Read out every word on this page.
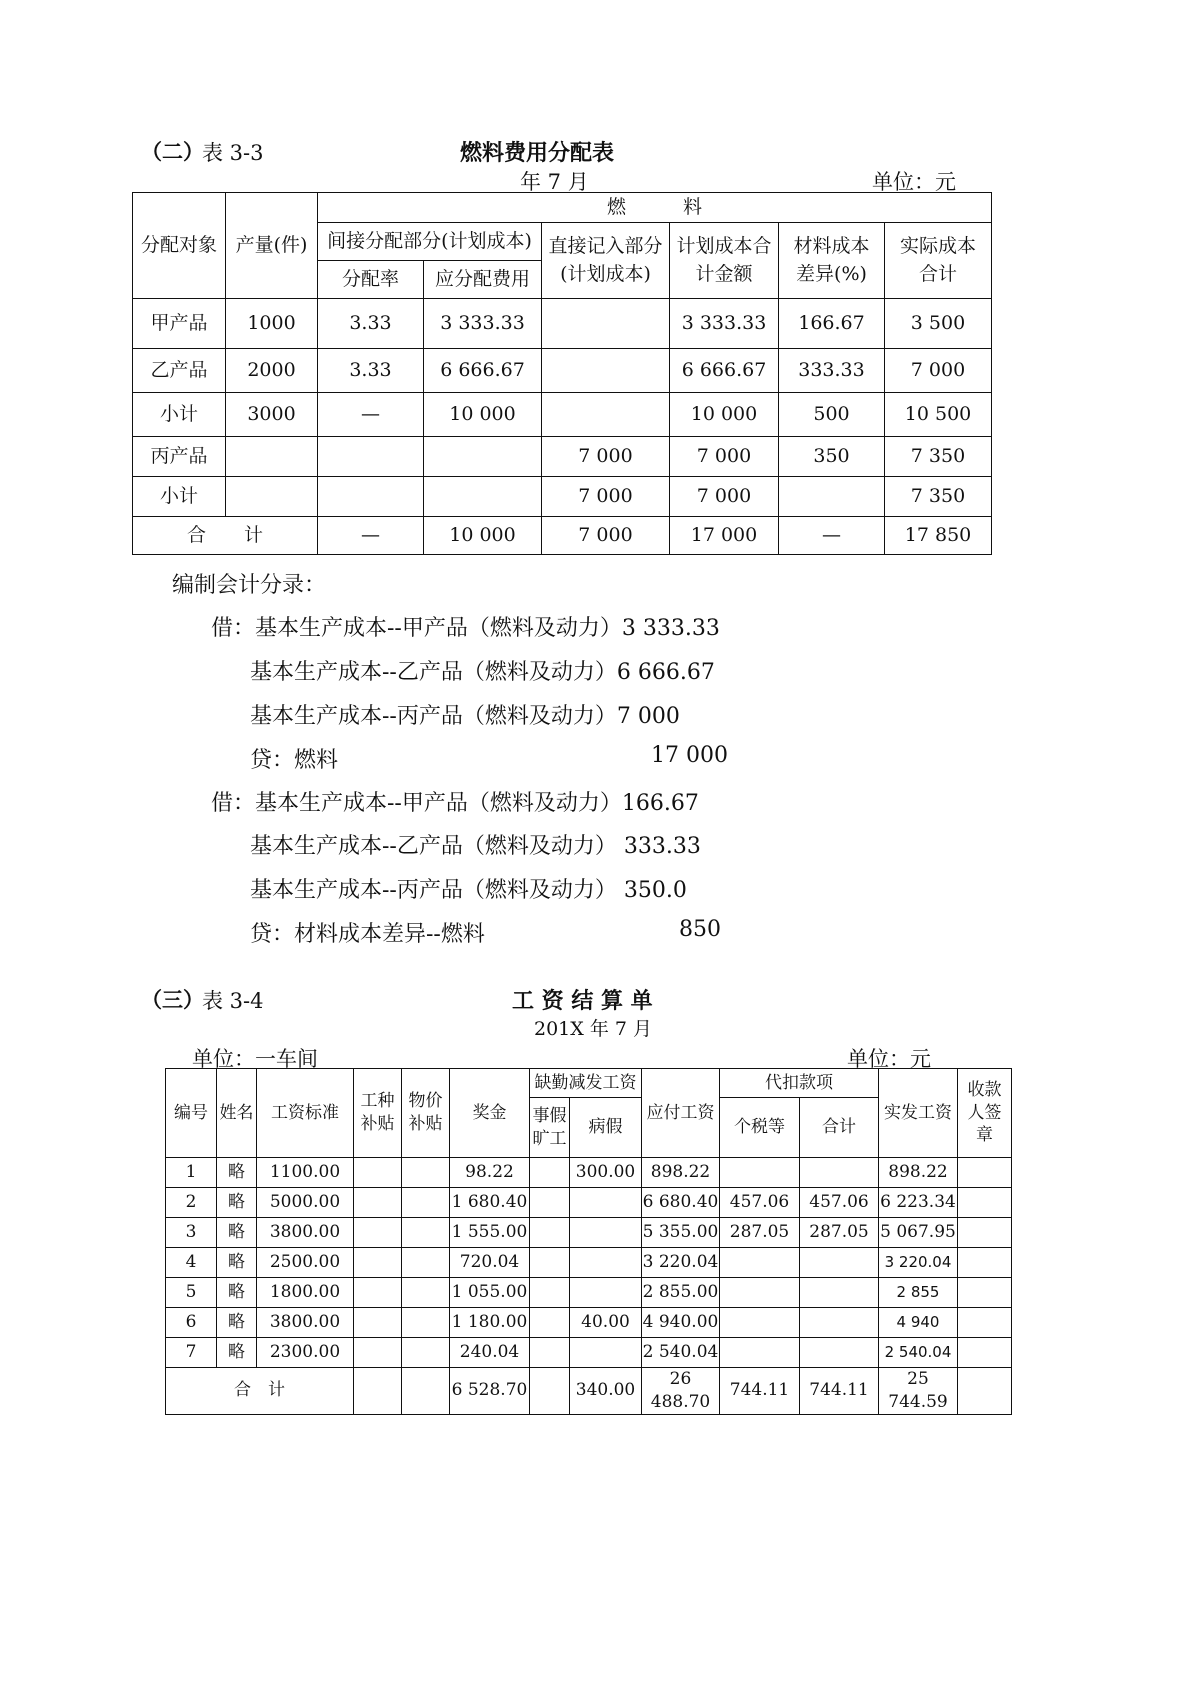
（二）
表 3-3	燃料费用分配表
年 7 月	单位：元
分配对象	产量(件)	燃　　　料					
		间接分配部分(计划成本)		直接记入部分(计划成本)	计划成本合计金额	材料成本差异(%)	实际成本合计
		分配率	应分配费用				
甲产品	1000	3.33	3 333.33		3 333.33	166.67	3 500
乙产品	2000	3.33	6 666.67		6 666.67	333.33	7 000
小计	3000	—	10 000		10 000	500	10 500
丙产品				7 000	7 000	350	7 350
小计				7 000	7 000		7 350
合　　计		—	10 000	7 000	17 000	—	17 850
编制会计分录：
借：基本生产成本--甲产品（燃料及动力）3 333.33
基本生产成本--乙产品（燃料及动力）6 666.67
基本生产成本--丙产品（燃料及动力）7 000
贷：燃料	17 000
借：基本生产成本--甲产品（燃料及动力）166.67
基本生产成本--乙产品（燃料及动力） 333.33
基本生产成本--丙产品（燃料及动力） 350.0
贷：材料成本差异--燃料	850
（三）
表 3-4	工 资 结 算 单
201X 年 7 月
单位：一车间	单位：元
编号	姓名	工资标准	工种补贴	物价补贴	奖金	缺勤减发工资		应付工资	代扣款项		实发工资	收款人签章
						事假旷工	病假		个税等	合计		
1	略	1100.00			98.22		300.00	898.22			898.22	
2	略	5000.00			1 680.40			6 680.40	457.06	457.06	6 223.34	
3	略	3800.00			1 555.00			5 355.00	287.05	287.05	5 067.95	
4	略	2500.00			720.04			3 220.04			3 220.04	
5	略	1800.00			1 055.00			2 855.00			2 855	
6	略	3800.00			1 180.00		40.00	4 940.00			4 940	
7	略	2300.00			240.04			2 540.04			2 540.04	
合　计					6 528.70		340.00	26 488.70	744.11	744.11	25 744.59	
